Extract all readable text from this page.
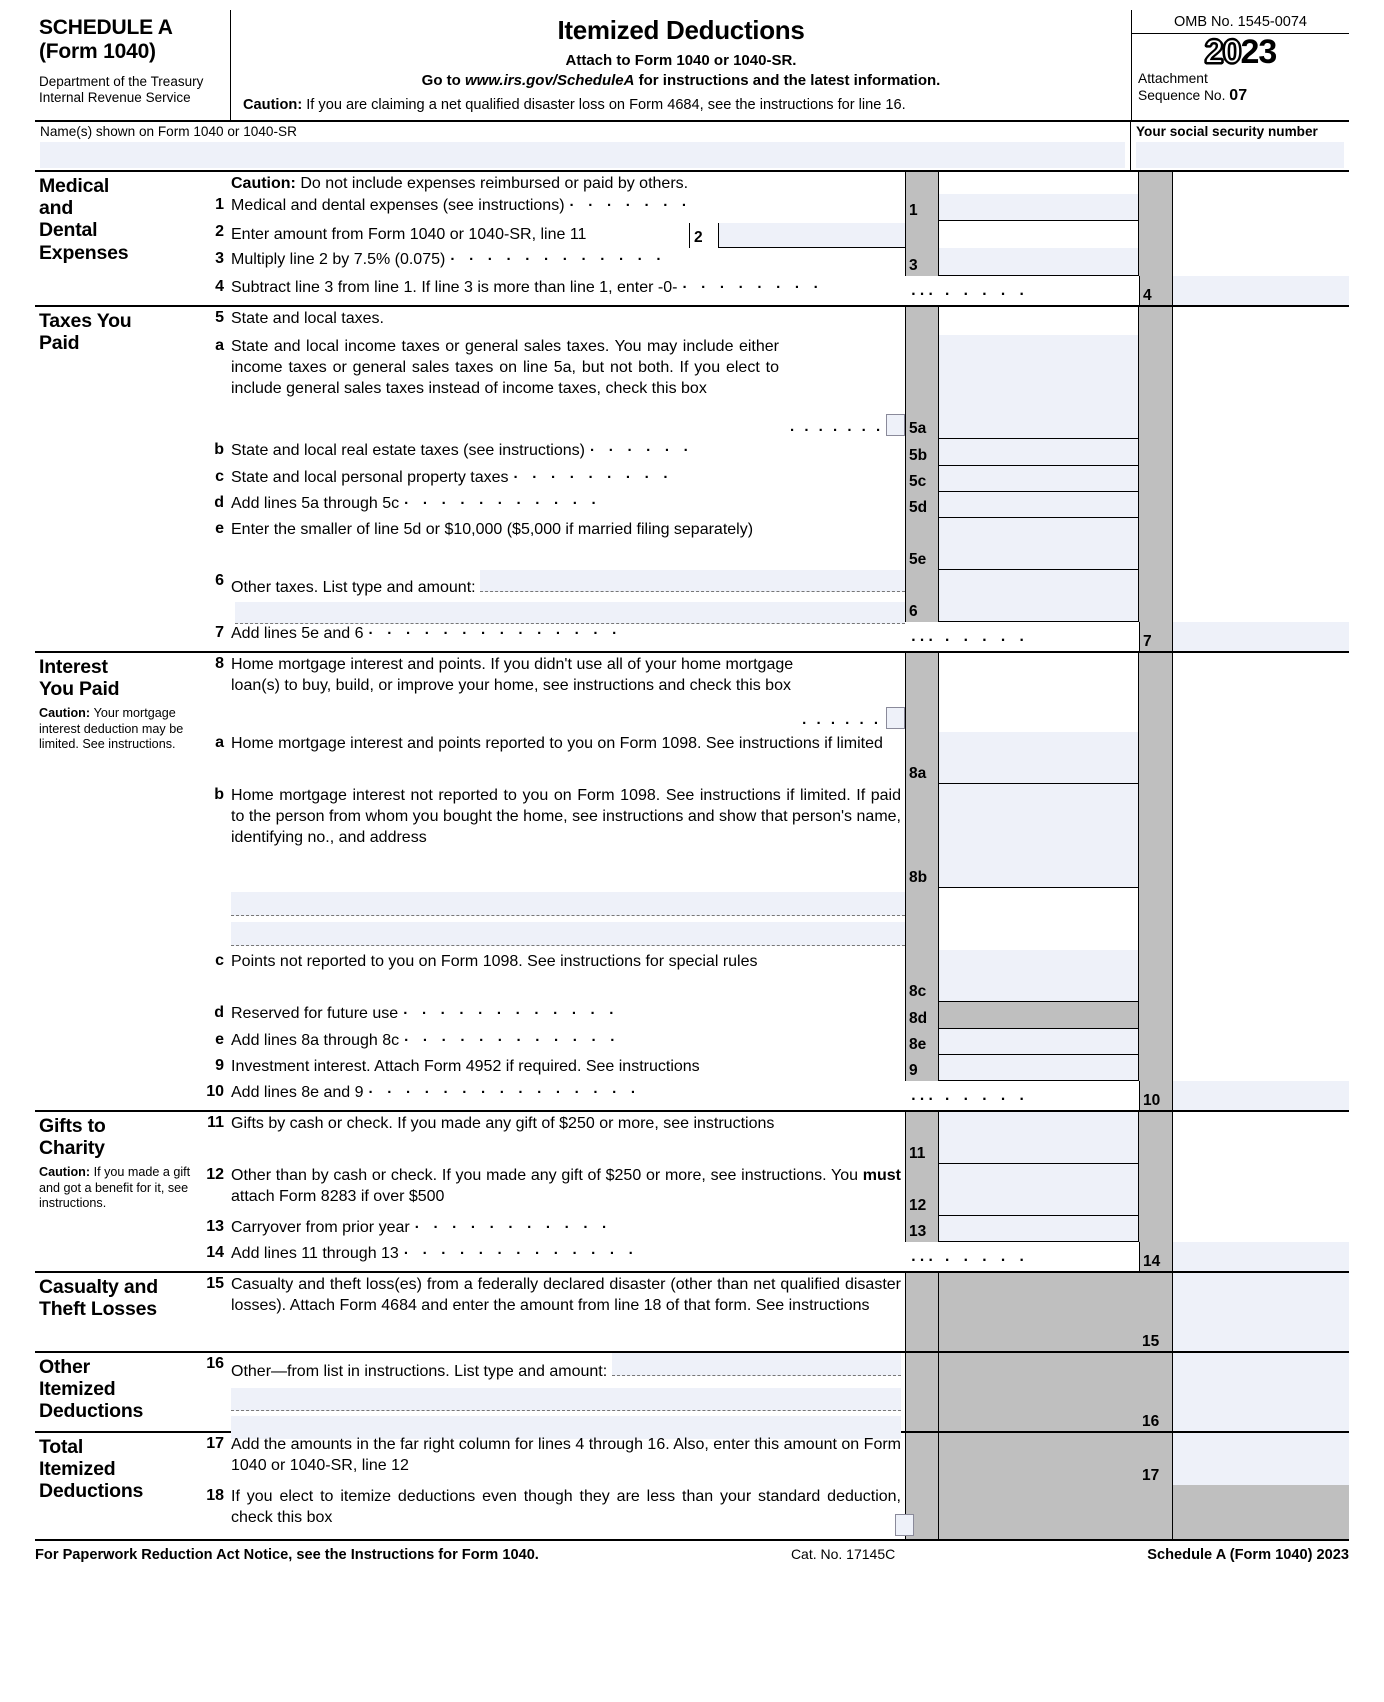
SCHEDULE A
(Form 1040)
Department of the Treasury
Internal Revenue Service
Itemized Deductions
Attach to Form 1040 or 1040-SR.
Go to www.irs.gov/ScheduleA for instructions and the latest information.
Caution: If you are claiming a net qualified disaster loss on Form 4684, see the instructions for line 16.
OMB No. 1545-0074
2023
Attachment
Sequence No. 07
Name(s) shown on Form 1040 or 1040-SR	Your social security number
Medical
and
Dental
Expenses
Caution: Do not include expenses reimbursed or paid by others.
1 Medical and dental expenses (see instructions) . . . . . . .
1
2 Enter amount from Form 1040 or 1040-SR, line 11	2
3 Multiply line 2 by 7.5% (0.075) . . . . . . . . . . . .
3
4 Subtract line 3 from line 1. If line 3 is more than line 1, enter -0- . . . . . . . .	. . . . . . . .	4
Taxes You
Paid
5 State and local taxes.
a State and local income taxes or general sales taxes. You may include either income taxes or general sales taxes on line 5a, but not both. If you elect to include general sales taxes instead of income taxes, check this box
. . . . . . . 5a
b State and local real estate taxes (see instructions) . . . . . .
5b
c State and local personal property taxes . . . . . . . . .	5c
d Add lines 5a through 5c . . . . . . . . . . .	5d
e Enter the smaller of line 5d or $10,000 ($5,000 if married filing separately)
5e
6 Other taxes. List type and amount:
6
7 Add lines 5e and 6 . . . . . . . . . . . . . .	. . . . . . . .	7
Interest
You Paid
Caution: Your mortgage interest deduction may be limited. See instructions.
8 Home mortgage interest and points. If you didn't use all of your home mortgage loan(s) to buy, build, or improve your home, see instructions and check this box
. . . . . .
a Home mortgage interest and points reported to you on Form 1098. See instructions if limited
8a
b Home mortgage interest not reported to you on Form 1098. See instructions if limited. If paid to the person from whom you bought the home, see instructions and show that person's name, identifying no., and address
8b
c Points not reported to you on Form 1098. See instructions for special rules
8c
d Reserved for future use . . . . . . . . . . . .
8d
e Add lines 8a through 8c . . . . . . . . . . . .	8e
9 Investment interest. Attach Form 4952 if required. See instructions	9
10 Add lines 8e and 9 . . . . . . . . . . . . . . .	. . . . . . . .	10
Gifts to
Charity
Caution: If you made a gift and got a benefit for it, see instructions.
11 Gifts by cash or check. If you made any gift of $250 or more, see instructions
11
12 Other than by cash or check. If you made any gift of $250 or more, see instructions. You must attach Form 8283 if over $500
12
13 Carryover from prior year . . . . . . . . . . .	13
14 Add lines 11 through 13 . . . . . . . . . . . . .	. . . . . . . .	14
Casualty and
Theft Losses
15 Casualty and theft loss(es) from a federally declared disaster (other than net qualified disaster losses). Attach Form 4684 and enter the amount from line 18 of that form. See instructions
15
Other
Itemized
Deductions
16 Other—from list in instructions. List type and amount:
16
Total
Itemized
Deductions
17 Add the amounts in the far right column for lines 4 through 16. Also, enter this amount on Form 1040 or 1040-SR, line 12
17
18 If you elect to itemize deductions even though they are less than your standard deduction, check this box
For Paperwork Reduction Act Notice, see the Instructions for Form 1040.	Cat. No. 17145C	Schedule A (Form 1040) 2023
